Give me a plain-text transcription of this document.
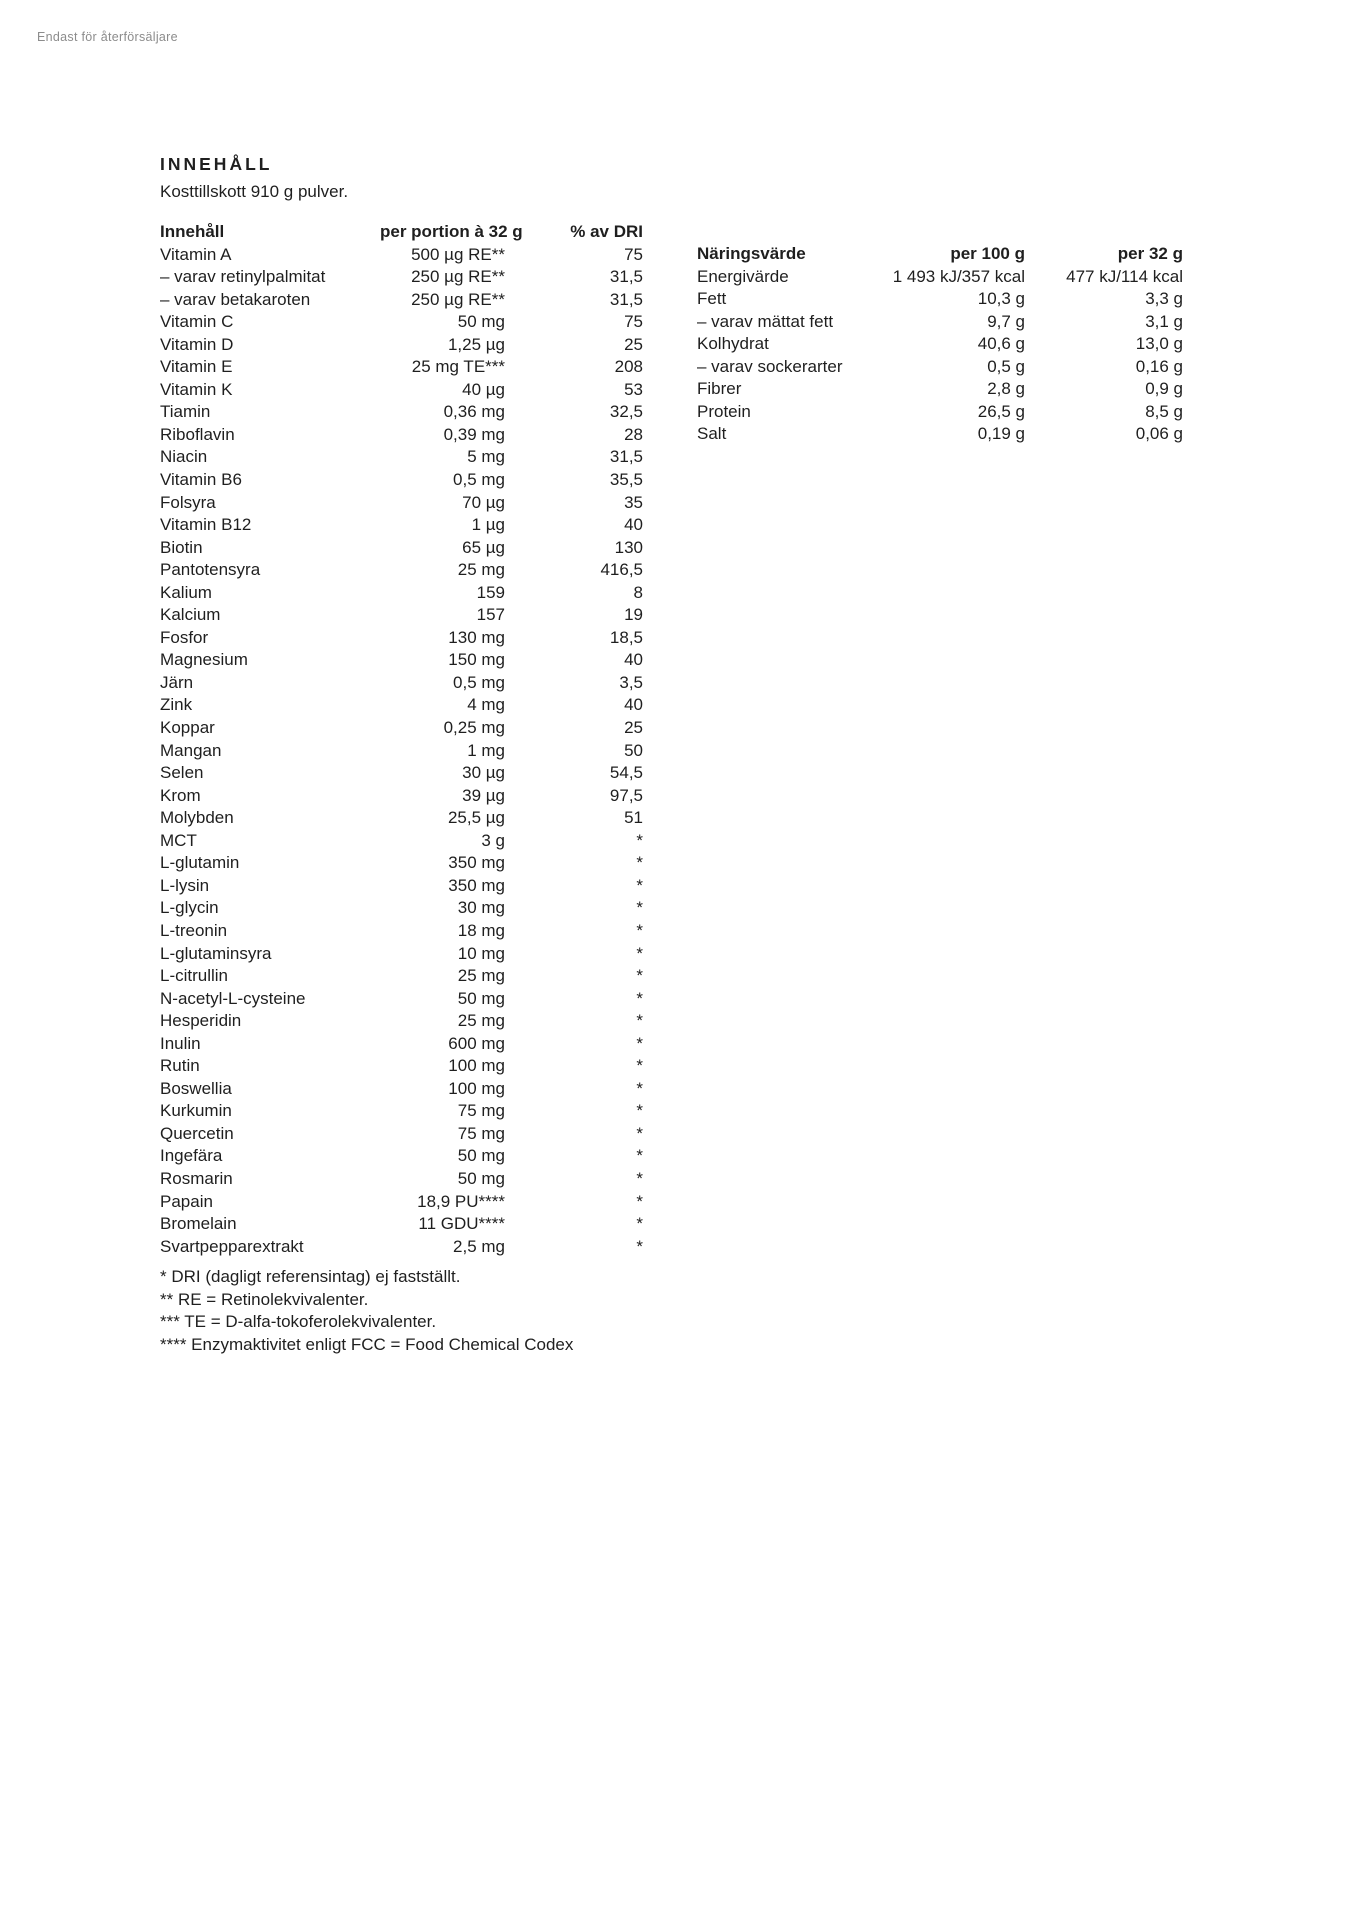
Endast för återförsäljare
INNEHÅLL
Kosttillskott 910 g pulver.
Innehåll	per portion à 32 g	% av DRI
Vitamin A	500 µg RE**	75
– varav retinylpalmitat	250 µg RE**	31,5
– varav betakaroten	250 µg RE**	31,5
Vitamin C	50 mg	75
Vitamin D	1,25 µg	25
Vitamin E	25 mg TE***	208
Vitamin K	40 µg	53
Tiamin	0,36 mg	32,5
Riboflavin	0,39 mg	28
Niacin	5 mg	31,5
Vitamin B6	0,5 mg	35,5
Folsyra	70 µg	35
Vitamin B12	1 µg	40
Biotin	65 µg	130
Pantotensyra	25 mg	416,5
Kalium	159	8
Kalcium	157	19
Fosfor	130 mg	18,5
Magnesium	150 mg	40
Järn	0,5 mg	3,5
Zink	4 mg	40
Koppar	0,25 mg	25
Mangan	1 mg	50
Selen	30 µg	54,5
Krom	39 µg	97,5
Molybden	25,5 µg	51
MCT	3 g	*
L-glutamin	350 mg	*
L-lysin	350 mg	*
L-glycin	30 mg	*
L-treonin	18 mg	*
L-glutaminsyra	10 mg	*
L-citrullin	25 mg	*
N-acetyl-L-cysteine	50 mg	*
Hesperidin	25 mg	*
Inulin	600 mg	*
Rutin	100 mg	*
Boswellia	100 mg	*
Kurkumin	75 mg	*
Quercetin	75 mg	*
Ingefära	50 mg	*
Rosmarin	50 mg	*
Papain	18,9 PU****	*
Bromelain	11 GDU****	*
Svartpepparextrakt	2,5 mg	*
Näringsvärde	per 100 g	per 32 g
Energivärde	1 493 kJ/357 kcal	477 kJ/114 kcal
Fett	10,3 g	3,3 g
– varav mättat fett	9,7 g	3,1 g
Kolhydrat	40,6 g	13,0 g
– varav sockerarter	0,5 g	0,16 g
Fibrer	2,8 g	0,9 g
Protein	26,5 g	8,5 g
Salt	0,19 g	0,06 g
* DRI (dagligt referensintag) ej fastställt.
** RE = Retinolekvivalenter.
*** TE = D-alfa-tokoferolekvivalenter.
**** Enzymaktivitet enligt FCC = Food Chemical Codex
